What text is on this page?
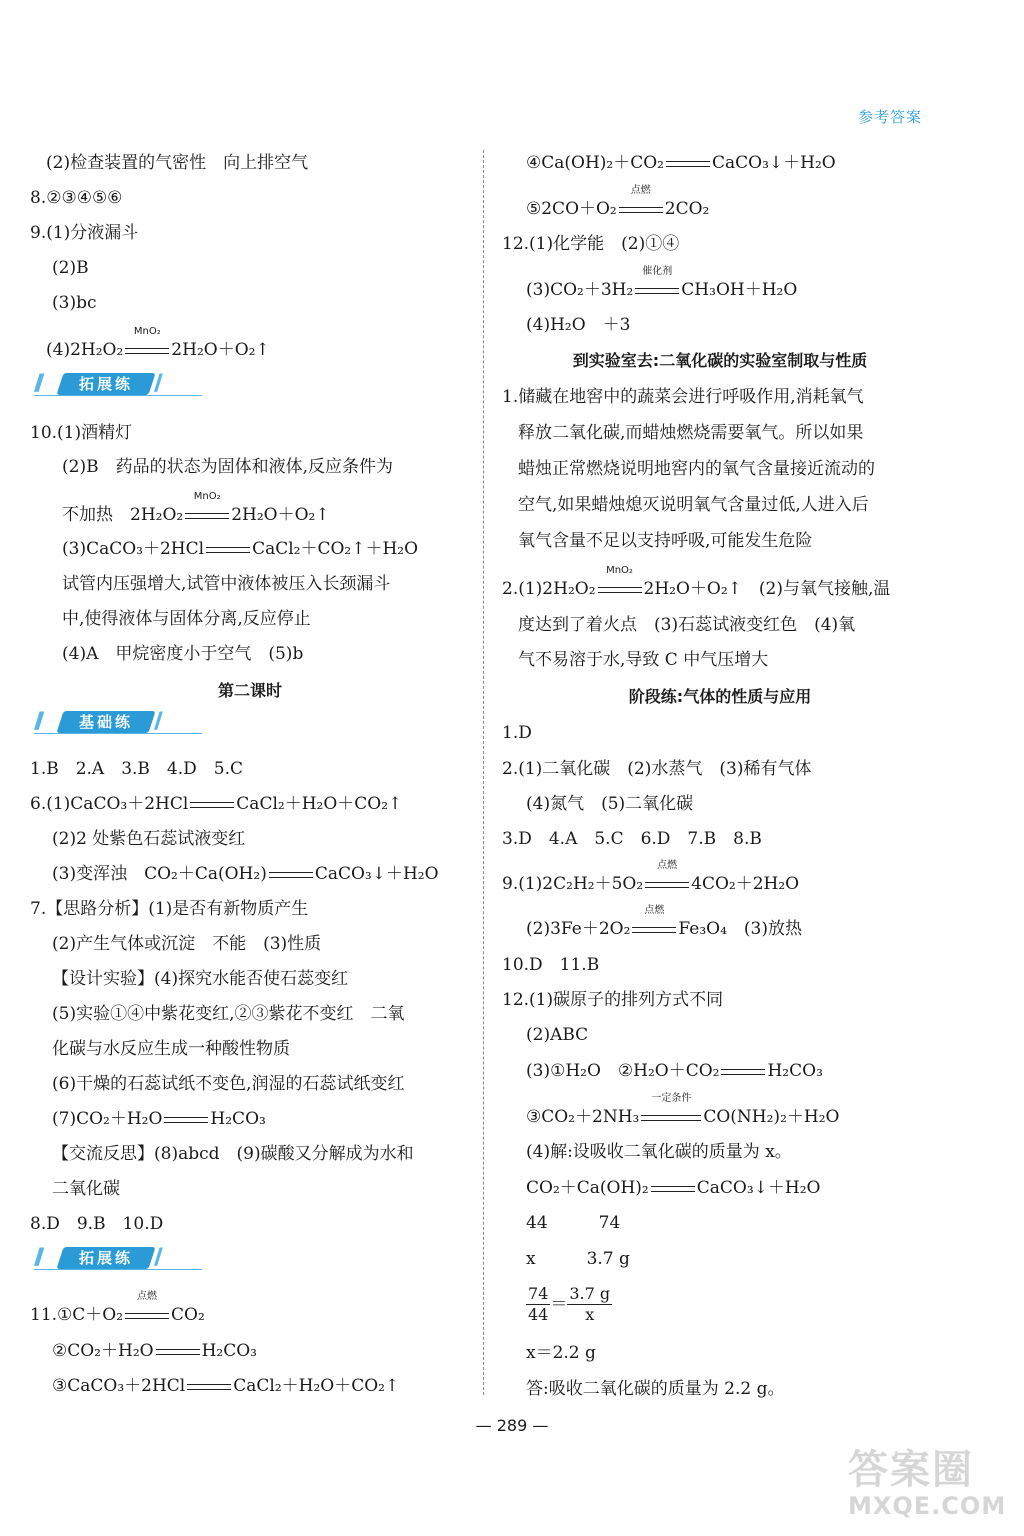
参考答案
(2)检查装置的气密性　向上排空气
8.②③④⑤⑥
9.(1)分液漏斗
(2)B
(3)bc
(4)2H₂O₂
MnO₂
2H₂O＋O₂↑
///	拓展练 //
10.(1)酒精灯
(2)B　药品的状态为固体和液体,反应条件为
不加热　2H₂O₂
MnO₂
2H₂O＋O₂↑
(3)CaCO₃＋2HCl	CaCl₂＋CO₂↑＋H₂O
试管内压强增大,试管中液体被压入长颈漏斗
中,使得液体与固体分离,反应停止
(4)A　甲烷密度小于空气　(5)b
第二课时
///	基础练 //
1.B　2.A　3.B　4.D　5.C
6.(1)CaCO₃＋2HCl	CaCl₂＋H₂O＋CO₂↑
(2)2 处紫色石蕊试液变红
(3)变浑浊　CO₂＋Ca(OH₂)	CaCO₃↓＋H₂O
7.【思路分析】(1)是否有新物质产生
(2)产生气体或沉淀　不能　(3)性质
【设计实验】(4)探究水能否使石蕊变红
(5)实验①④中紫花变红,②③紫花不变红　二氧
化碳与水反应生成一种酸性物质
(6)干燥的石蕊试纸不变色,润湿的石蕊试纸变红
(7)CO₂＋H₂O	H₂CO₃
【交流反思】(8)abcd　(9)碳酸又分解成为水和
二氧化碳
8.D　9.B　10.D
///	拓展练 //
11.①C＋O₂
点燃
CO₂
②CO₂＋H₂O	H₂CO₃
③CaCO₃＋2HCl	CaCl₂＋H₂O＋CO₂↑
④Ca(OH)₂＋CO₂	CaCO₃↓＋H₂O
⑤2CO＋O₂
点燃
2CO₂
12.(1)化学能　(2)①④
(3)CO₂＋3H₂
催化剂
CH₃OH＋H₂O
(4)H₂O　＋3
到实验室去:二氧化碳的实验室制取与性质
1.储藏在地窖中的蔬菜会进行呼吸作用,消耗氧气
释放二氧化碳,而蜡烛燃烧需要氧气。所以如果
蜡烛正常燃烧说明地窖内的氧气含量接近流动的
空气,如果蜡烛熄灭说明氧气含量过低,人进入后
氧气含量不足以支持呼吸,可能发生危险
2.(1)2H₂O₂
MnO₂
2H₂O＋O₂↑　(2)与氧气接触,温
度达到了着火点　(3)石蕊试液变红色　(4)氧
气不易溶于水,导致 C 中气压增大
阶段练:气体的性质与应用
1.D
2.(1)二氧化碳　(2)水蒸气　(3)稀有气体
(4)氮气　(5)二氧化碳
3.D　4.A　5.C　6.D　7.B　8.B
9.(1)2C₂H₂＋5O₂
点燃
4CO₂＋2H₂O
(2)3Fe＋2O₂
点燃
Fe₃O₄　(3)放热
10.D　11.B
12.(1)碳原子的排列方式不同
(2)ABC
(3)①H₂O　②H₂O＋CO₂	H₂CO₃
③CO₂＋2NH₃
一定条件
CO(NH₂)₂＋H₂O
(4)解:设吸收二氧化碳的质量为 x。
CO₂＋Ca(OH)₂	CaCO₃↓＋H₂O
44　　　74
x　　　3.7 g
$\frac{74}{44} = \frac{3.7 g}{x}$
x＝2.2 g
答:吸收二氧化碳的质量为 2.2 g。
— 289 —
答案圈
MXQE.COM
